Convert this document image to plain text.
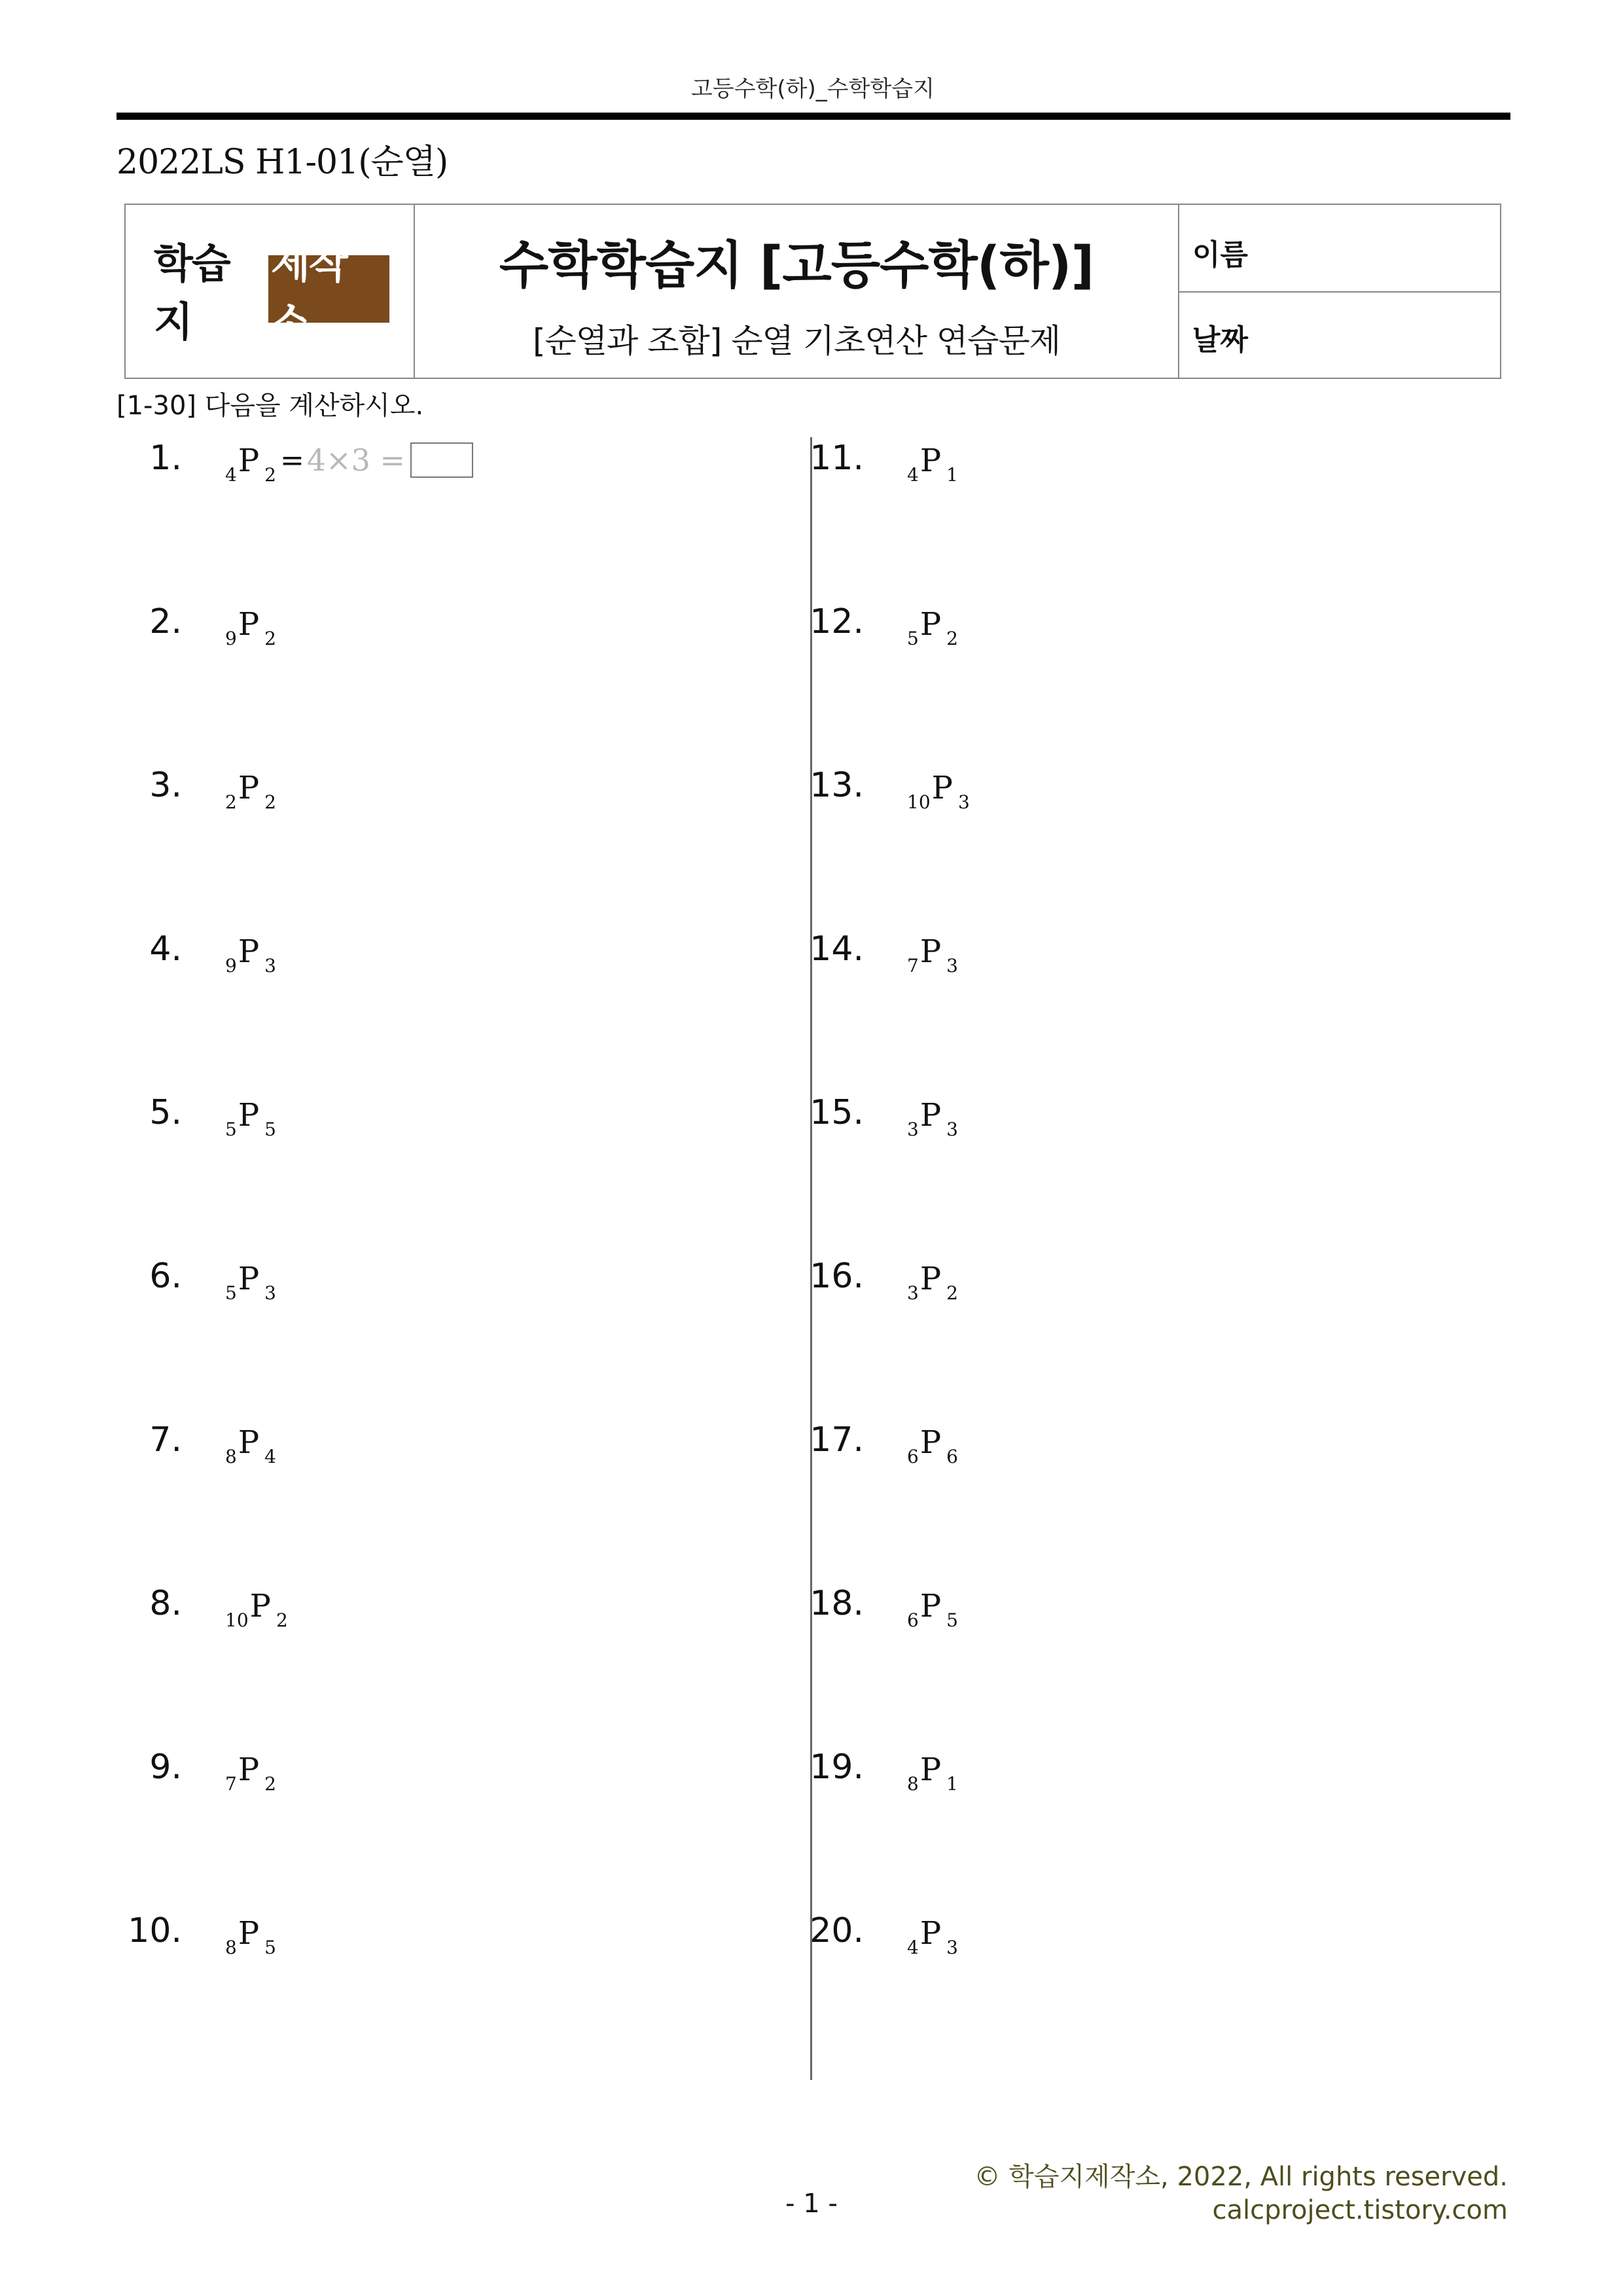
고등수학(하)_수학학습지
2022LS H1-01(순열)
학습지
제작소
수학학습지 [고등수학(하)]
[순열과 조합] 순열 기초연산 연습문제
이름
날짜
[1-30] 다음을 계산하시오.
1. 4 P 2 = 4×3 =
2. 9 P 2
3. 2 P 2
4. 9 P 3
5. 5 P 5
6. 5 P 3
7. 8 P 4
8. 10 P 2
9. 7 P 2
10. 8 P 5
11. 4 P 1
12. 5 P 2
13. 10 P 3
14. 7 P 3
15. 3 P 3
16. 3 P 2
17. 6 P 6
18. 6 P 5
19. 8 P 1
20. 4 P 3
© 학습지제작소, 2022, All rights reserved.
calcproject.tistory.com
- 1 -
